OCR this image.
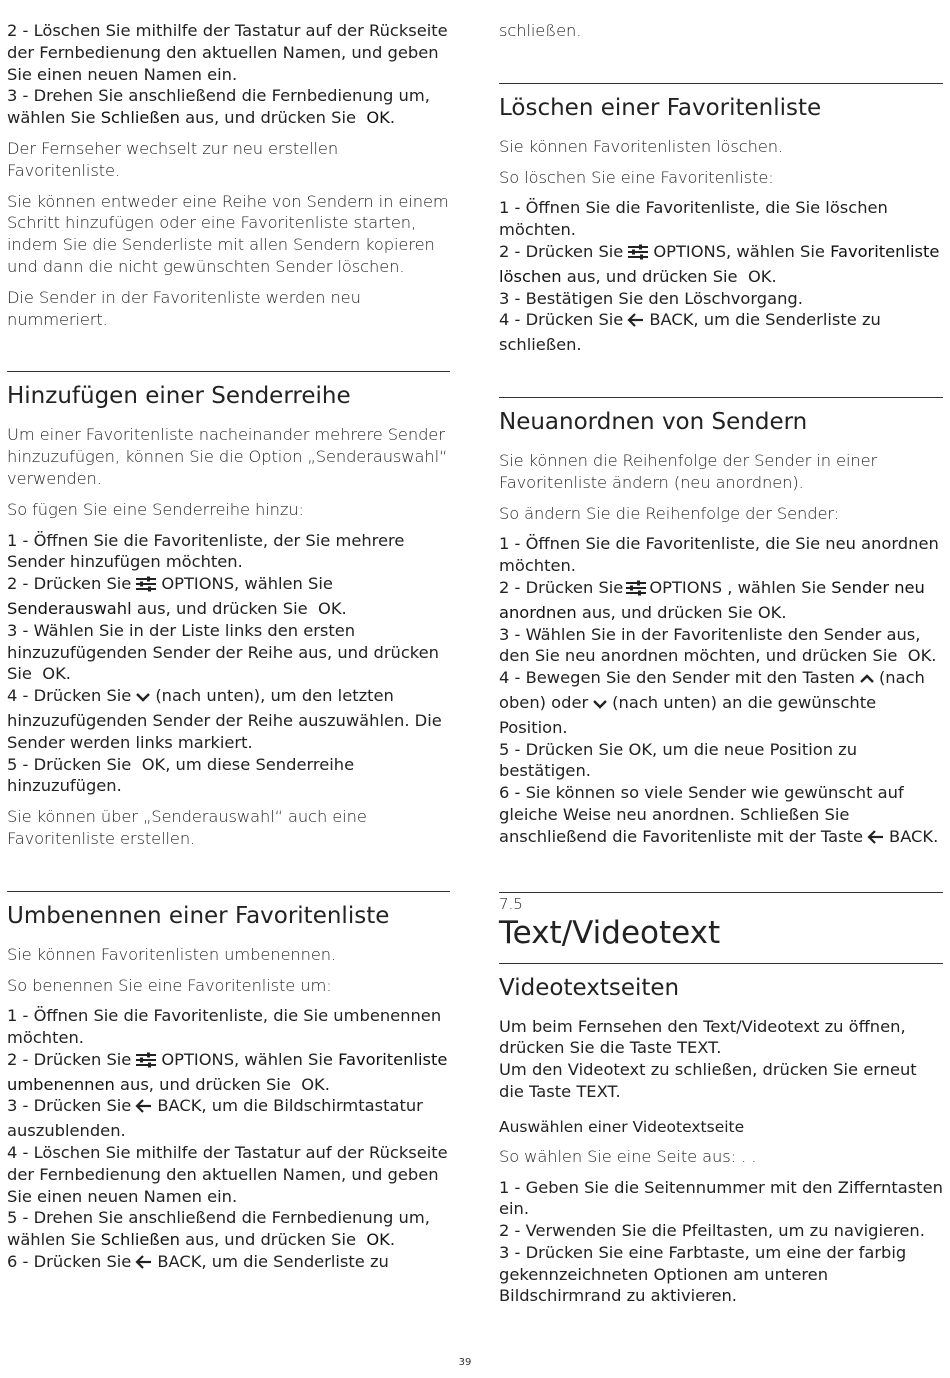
2 - Löschen Sie mithilfe der Tastatur auf der Rückseite der Fernbedienung den aktuellen Namen, und geben Sie einen neuen Namen ein.
3 - Drehen Sie anschließend die Fernbedienung um, wählen Sie Schließen aus, und drücken Sie OK.

Der Fernseher wechselt zur neu erstellen Favoritenliste.

Sie können entweder eine Reihe von Sendern in einem Schritt hinzufügen oder eine Favoritenliste starten, indem Sie die Senderliste mit allen Sendern kopieren und dann die nicht gewünschten Sender löschen.

Die Sender in der Favoritenliste werden neu nummeriert.

Hinzufügen einer Senderreihe

Um einer Favoritenliste nacheinander mehrere Sender hinzuzufügen, können Sie die Option „Senderauswahl“ verwenden.

So fügen Sie eine Senderreihe hinzu:

1 - Öffnen Sie die Favoritenliste, der Sie mehrere Sender hinzufügen möchten.
2 - Drücken Sie OPTIONS, wählen Sie Senderauswahl aus, und drücken Sie OK.
3 - Wählen Sie in der Liste links den ersten hinzuzufügenden Sender der Reihe aus, und drücken Sie OK.
4 - Drücken Sie (nach unten), um den letzten hinzuzufügenden Sender der Reihe auszuwählen. Die Sender werden links markiert.
5 - Drücken Sie OK, um diese Senderreihe hinzuzufügen.

Sie können über „Senderauswahl“ auch eine Favoritenliste erstellen.

Umbenennen einer Favoritenliste

Sie können Favoritenlisten umbenennen.

So benennen Sie eine Favoritenliste um:

1 - Öffnen Sie die Favoritenliste, die Sie umbenennen möchten.
2 - Drücken Sie OPTIONS, wählen Sie Favoritenliste umbenennen aus, und drücken Sie OK.
3 - Drücken Sie BACK, um die Bildschirmtastatur auszublenden.
4 - Löschen Sie mithilfe der Tastatur auf der Rückseite der Fernbedienung den aktuellen Namen, und geben Sie einen neuen Namen ein.
5 - Drehen Sie anschließend die Fernbedienung um, wählen Sie Schließen aus, und drücken Sie OK.
6 - Drücken Sie BACK, um die Senderliste zu

schließen.

Löschen einer Favoritenliste

Sie können Favoritenlisten löschen.

So löschen Sie eine Favoritenliste:

1 - Öffnen Sie die Favoritenliste, die Sie löschen möchten.
2 - Drücken Sie OPTIONS, wählen Sie Favoritenliste löschen aus, und drücken Sie OK.
3 - Bestätigen Sie den Löschvorgang.
4 - Drücken Sie BACK, um die Senderliste zu schließen.
Neuanordnen von Sendern

Sie können die Reihenfolge der Sender in einer Favoritenliste ändern (neu anordnen).

So ändern Sie die Reihenfolge der Sender:

1 - Öffnen Sie die Favoritenliste, die Sie neu anordnen möchten.
2 - Drücken Sie OPTIONS , wählen Sie Sender neu anordnen aus, und drücken Sie OK.
3 - Wählen Sie in der Favoritenliste den Sender aus, den Sie neu anordnen möchten, und drücken Sie OK.
4 - Bewegen Sie den Sender mit den Tasten (nach oben) oder (nach unten) an die gewünschte Position.
5 - Drücken Sie OK, um die neue Position zu bestätigen.
6 - Sie können so viele Sender wie gewünscht auf gleiche Weise neu anordnen. Schließen Sie anschließend die Favoritenliste mit der Taste BACK.
7.5
Text/Videotext
Videotextseiten
Um beim Fernsehen den Text/Videotext zu öffnen, drücken Sie die Taste TEXT.
Um den Videotext zu schließen, drücken Sie erneut die Taste TEXT.
Auswählen einer Videotextseite

So wählen Sie eine Seite aus: . .

1 - Geben Sie die Seitennummer mit den Zifferntasten ein.
2 - Verwenden Sie die Pfeiltasten, um zu navigieren.
3 - Drücken Sie eine Farbtaste, um eine der farbig gekennzeichneten Optionen am unteren Bildschirmrand zu aktivieren.
39
